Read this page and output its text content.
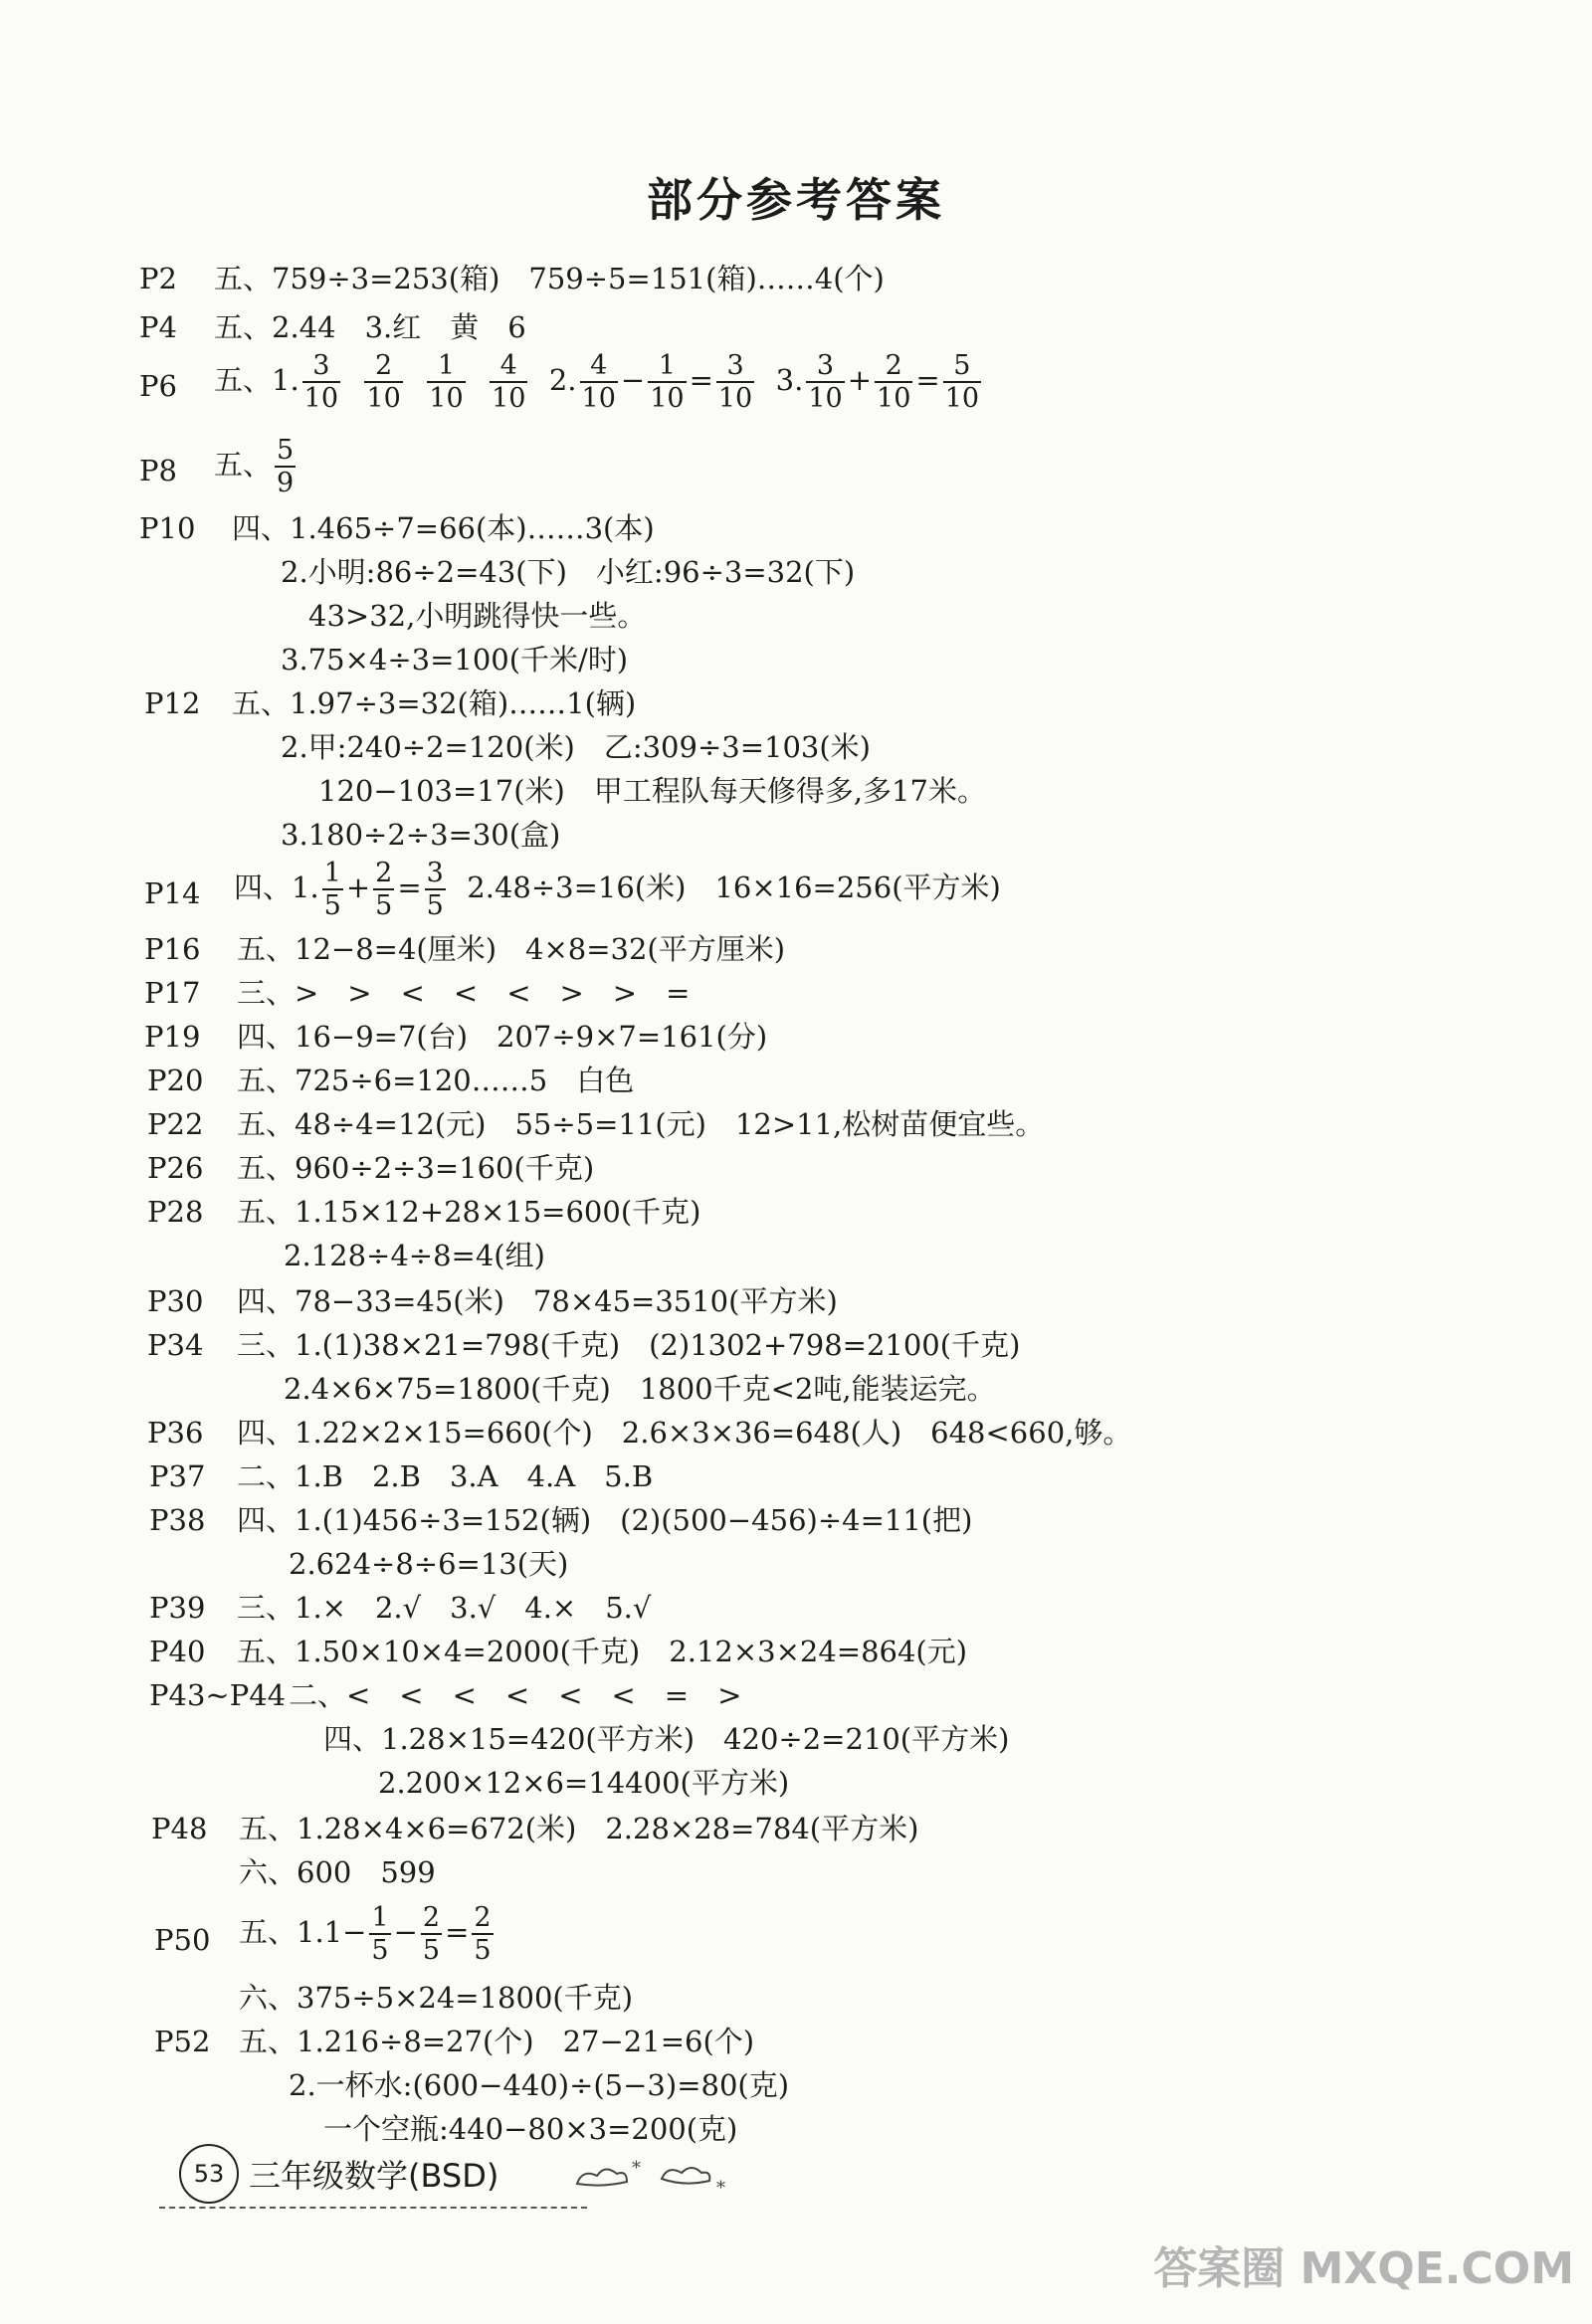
部分参考答案
P2 五、759÷3=253(箱)　759÷5=151(箱)……4(个)
P4 五、2.44　3.红　黄　6
P6 五、1. $\frac{3}{10}$
$\frac{2}{10}$
$\frac{1}{10}$
$\frac{4}{10} 2$. $\frac{4}{10} - \frac{1}{10} = \frac{3}{10} 3$. $\frac{3}{10} + \frac{2}{10} = \frac{5}{10}$
P8 五、 $\frac{5}{9}$
P10 四、1.465÷7=66(本)……3(本)
2.小明:86÷2=43(下)　小红:96÷3=32(下)
43>32,小明跳得快一些。
3.75×4÷3=100(千米/时)
P12 五、1.97÷3=32(箱)……1(辆)
2.甲:240÷2=120(米)　乙:309÷3=103(米)
120−103=17(米)　甲工程队每天修得多,多17米。
3.180÷2÷3=30(盒)
P14 四、1. $\frac{1}{5} + \frac{2}{5} = \frac{3}{5} 2.48\div 3=16$(米)　16×16=256(平方米)
P16 五、12−8=4(厘米)　4×8=32(平方厘米)
P17 三、>　>　<　<　<　>　>　=
P19 四、16−9=7(台)　207÷9×7=161(分)
P20 五、725÷6=120……5　白色
P22 五、48÷4=12(元)　55÷5=11(元)　12>11,松树苗便宜些。
P26 五、960÷2÷3=160(千克)
P28 五、1.15×12+28×15=600(千克)
2.128÷4÷8=4(组)
P30 四、78−33=45(米)　78×45=3510(平方米)
P34 三、1.(1)38×21=798(千克)　(2)1302+798=2100(千克)
2.4×6×75=1800(千克)　1800千克<2吨,能装运完。
P36 四、1.22×2×15=660(个)　2.6×3×36=648(人)　648<660,够。
P37 二、1.B　2.B　3.A　4.A　5.B
P38 四、1.(1)456÷3=152(辆)　(2)(500−456)÷4=11(把)
2.624÷8÷6=13(天)
P39 三、1.×　2.√　3.√　4.×　5.√
P40 五、1.50×10×4=2000(千克)　2.12×3×24=864(元)
P43~P44 二、<　<　<　<　<　<　=　>
四、1.28×15=420(平方米)　420÷2=210(平方米)
2.200×12×6=14400(平方米)
P48 五、1.28×4×6=672(米)　2.28×28=784(平方米)
六、600　599
P50 五、$1.1- \frac{1}{5} - \frac{2}{5} = \frac{2}{5}$
六、375÷5×24=1800(千克)
P52 五、1.216÷8=27(个)　27−21=6(个)
2.一杯水:(600−440)÷(5−3)=80(克)
一个空瓶:440−80×3=200(克)
53 三年级数学(BSD)	*
*
答案圈 MXQE.COM
